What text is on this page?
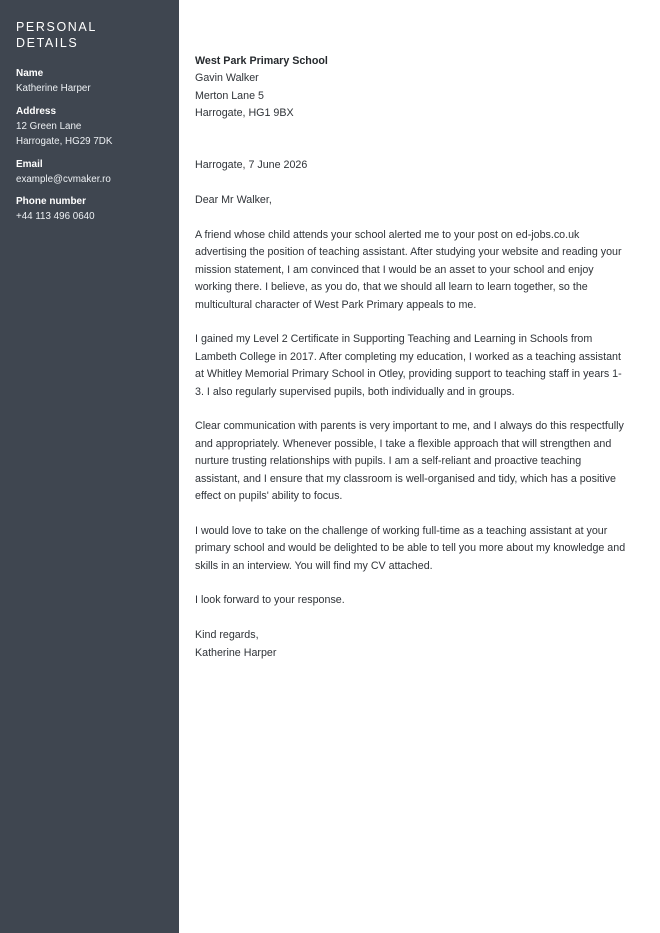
PERSONAL DETAILS
Name
Katherine Harper
Address
12 Green Lane
Harrogate, HG29 7DK
Email
example@cvmaker.ro
Phone number
+44 113 496 0640
West Park Primary School
Gavin Walker
Merton Lane 5
Harrogate, HG1 9BX
Harrogate, 7 June 2026
Dear Mr Walker,

A friend whose child attends your school alerted me to your post on ed-jobs.co.uk advertising the position of teaching assistant. After studying your website and reading your mission statement, I am convinced that I would be an asset to your school and enjoy working there. I believe, as you do, that we should all learn to learn together, so the multicultural character of West Park Primary appeals to me.

I gained my Level 2 Certificate in Supporting Teaching and Learning in Schools from Lambeth College in 2017. After completing my education, I worked as a teaching assistant at Whitley Memorial Primary School in Otley, providing support to teaching staff in years 1-3. I also regularly supervised pupils, both individually and in groups.

Clear communication with parents is very important to me, and I always do this respectfully and appropriately. Whenever possible, I take a flexible approach that will strengthen and nurture trusting relationships with pupils. I am a self-reliant and proactive teaching assistant, and I ensure that my classroom is well-organised and tidy, which has a positive effect on pupils' ability to focus.

I would love to take on the challenge of working full-time as a teaching assistant at your primary school and would be delighted to be able to tell you more about my knowledge and skills in an interview. You will find my CV attached.

I look forward to your response.

Kind regards,
Katherine Harper
